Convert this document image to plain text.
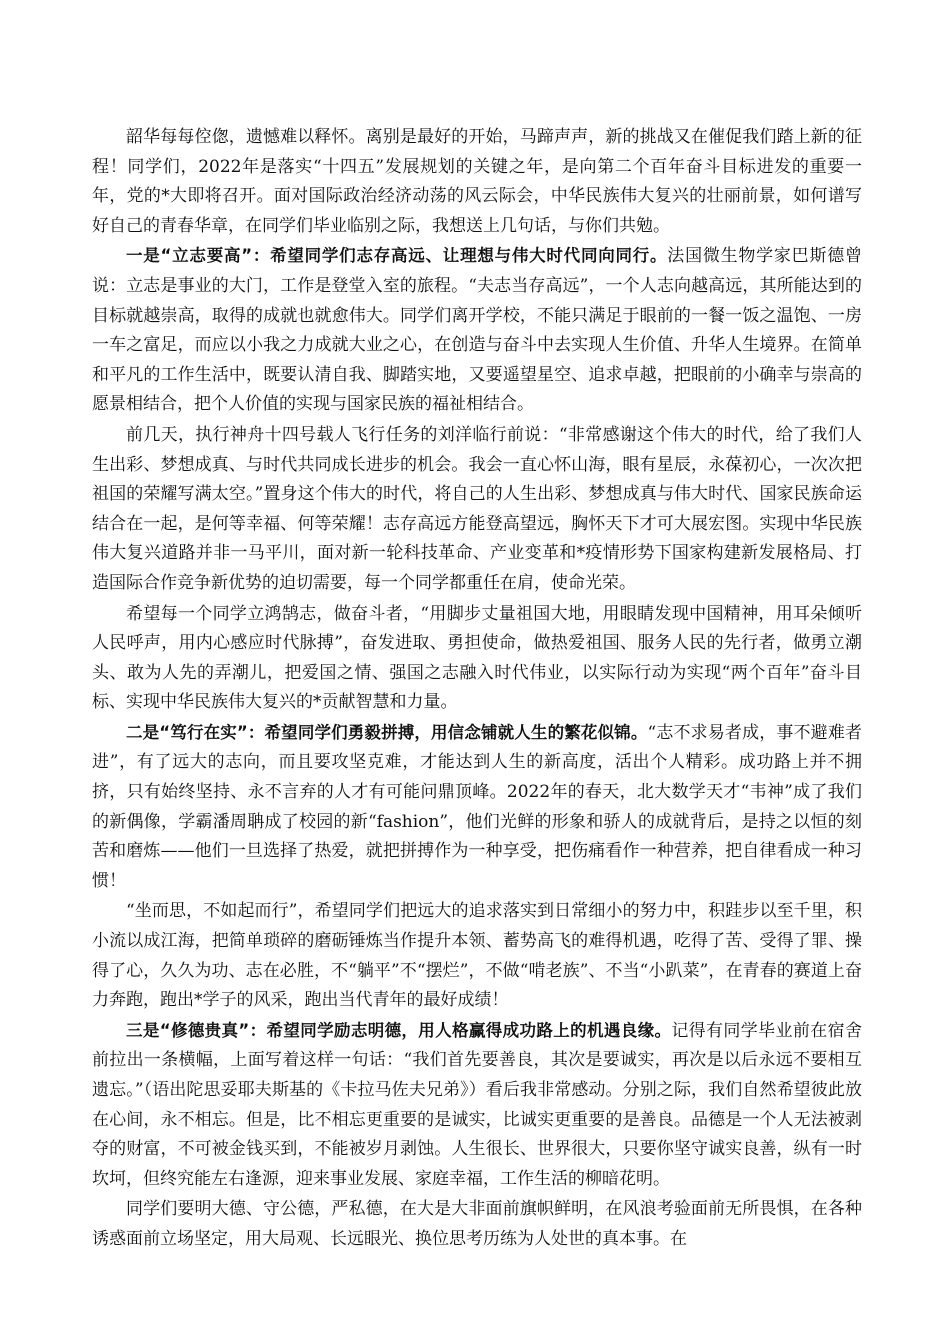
韶华每每倥偬，遗憾难以释怀。离别是最好的开始，马蹄声声，新的挑战又在催促我们踏上新的征程！同学们，2022年是落实“十四五”发展规划的关键之年，是向第二个百年奋斗目标进发的重要一年，党的*大即将召开。面对国际政治经济动荡的风云际会，中华民族伟大复兴的壮丽前景，如何谱写好自己的青春华章，在同学们毕业临别之际，我想送上几句话，与你们共勉。

一是“立志要高”：希望同学们志存高远、让理想与伟大时代同向同行。法国微生物学家巴斯德曾说：立志是事业的大门，工作是登堂入室的旅程。“夫志当存高远”，一个人志向越高远，其所能达到的目标就越崇高，取得的成就也就愈伟大。同学们离开学校，不能只满足于眼前的一餐一饭之温饱、一房一车之富足，而应以小我之力成就大业之心，在创造与奋斗中去实现人生价值、升华人生境界。在简单和平凡的工作生活中，既要认清自我、脚踏实地，又要遥望星空、追求卓越，把眼前的小确幸与崇高的愿景相结合，把个人价值的实现与国家民族的福祉相结合。

前几天，执行神舟十四号载人飞行任务的刘洋临行前说：“非常感谢这个伟大的时代，给了我们人生出彩、梦想成真、与时代共同成长进步的机会。我会一直心怀山海，眼有星辰，永葆初心，一次次把祖国的荣耀写满太空。”置身这个伟大的时代，将自己的人生出彩、梦想成真与伟大时代、国家民族命运结合在一起，是何等幸福、何等荣耀！志存高远方能登高望远，胸怀天下才可大展宏图。实现中华民族伟大复兴道路并非一马平川，面对新一轮科技革命、产业变革和*疫情形势下国家构建新发展格局、打造国际合作竞争新优势的迫切需要，每一个同学都重任在肩，使命光荣。

希望每一个同学立鸿鹄志，做奋斗者，“用脚步丈量祖国大地，用眼睛发现中国精神，用耳朵倾听人民呼声，用内心感应时代脉搏”，奋发进取、勇担使命，做热爱祖国、服务人民的先行者，做勇立潮头、敢为人先的弄潮儿，把爱国之情、强国之志融入时代伟业，以实际行动为实现“两个百年”奋斗目标、实现中华民族伟大复兴的*贡献智慧和力量。

二是“笃行在实”：希望同学们勇毅拼搏，用信念铺就人生的繁花似锦。“志不求易者成，事不避难者进”，有了远大的志向，而且要攻坚克难，才能达到人生的新高度，活出个人精彩。成功路上并不拥挤，只有始终坚持、永不言弃的人才有可能问鼎顶峰。2022年的春天，北大数学天才“韦神”成了我们的新偶像，学霸潘周聃成了校园的新“fashion”，他们光鲜的形象和骄人的成就背后，是持之以恒的刻苦和磨炼——他们一旦选择了热爱，就把拼搏作为一种享受，把伤痛看作一种营养，把自律看成一种习惯！

“坐而思，不如起而行”，希望同学们把远大的追求落实到日常细小的努力中，积跬步以至千里，积小流以成江海，把简单琐碎的磨砺锤炼当作提升本领、蓄势高飞的难得机遇，吃得了苦、受得了罪、操得了心，久久为功、志在必胜，不“躺平”不“摆烂”，不做“啃老族”、不当“小趴菜”，在青春的赛道上奋力奔跑，跑出*学子的风采，跑出当代青年的最好成绩！

三是“修德贵真”：希望同学励志明德，用人格赢得成功路上的机遇良缘。记得有同学毕业前在宿舍前拉出一条横幅，上面写着这样一句话：“我们首先要善良，其次是要诚实，再次是以后永远不要相互遗忘。”（语出陀思妥耶夫斯基的《卡拉马佐夫兄弟》）看后我非常感动。分别之际，我们自然希望彼此放在心间，永不相忘。但是，比不相忘更重要的是诚实，比诚实更重要的是善良。品德是一个人无法被剥夺的财富，不可被金钱买到，不能被岁月剥蚀。人生很长、世界很大，只要你坚守诚实良善，纵有一时坎坷，但终究能左右逢源，迎来事业发展、家庭幸福，工作生活的柳暗花明。

同学们要明大德、守公德，严私德，在大是大非面前旗帜鲜明，在风浪考验面前无所畏惧，在各种诱惑面前立场坚定，用大局观、长远眼光、换位思考历练为人处世的真本事。在
